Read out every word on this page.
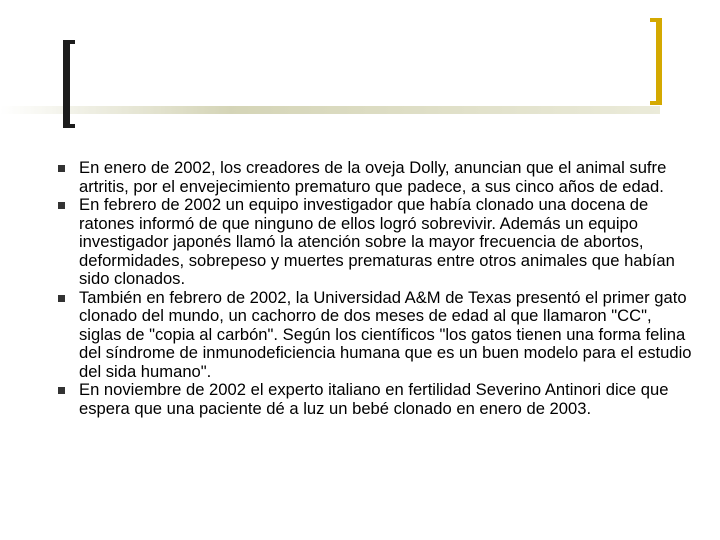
En enero de 2002, los creadores de la oveja Dolly, anuncian que el animal sufre artritis, por el envejecimiento prematuro que padece, a sus cinco años de edad.
En febrero de 2002 un equipo investigador que había clonado una docena de ratones informó de que ninguno de ellos logró sobrevivir. Además un equipo investigador japonés llamó la atención sobre la mayor frecuencia de abortos, deformidades, sobrepeso y muertes prematuras entre otros animales que habían sido clonados.
También en febrero de 2002, la Universidad A&M de Texas presentó el primer gato clonado del mundo, un cachorro de dos meses de edad al que llamaron "CC", siglas de "copia al carbón". Según los científicos "los gatos tienen una forma felina del síndrome de inmunodeficiencia humana que es un buen modelo para el estudio del sida humano".
En noviembre de 2002 el experto italiano en fertilidad Severino Antinori dice que espera que una paciente dé a luz un bebé clonado en enero de 2003.
